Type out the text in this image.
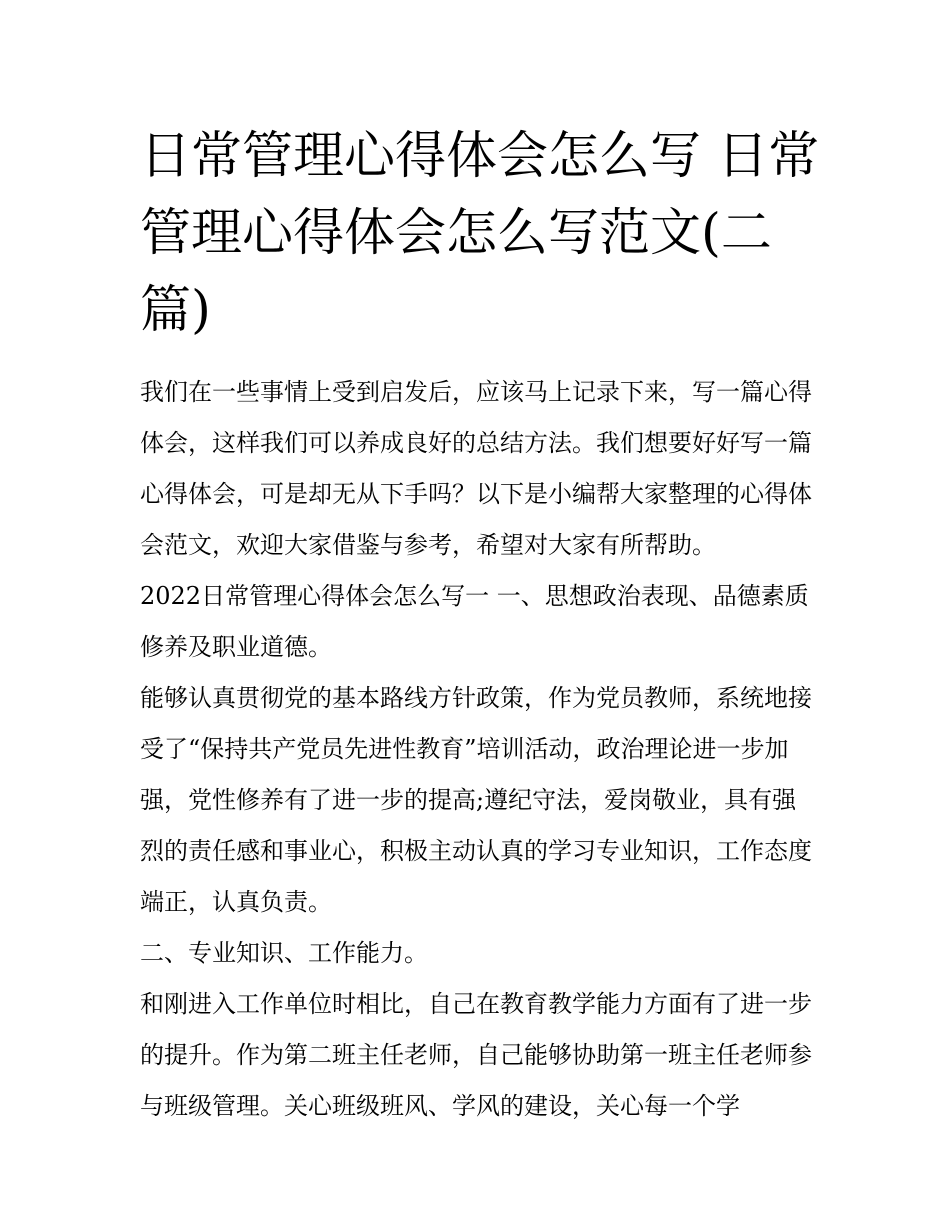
日常管理心得体会怎么写 日常管理心得体会怎么写范文(二篇)

我们在一些事情上受到启发后，应该马上记录下来，写一篇心得体会，这样我们可以养成良好的总结方法。我们想要好好写一篇心得体会，可是却无从下手吗？以下是小编帮大家整理的心得体会范文，欢迎大家借鉴与参考，希望对大家有所帮助。

2022日常管理心得体会怎么写一 一、思想政治表现、品德素质修养及职业道德。

能够认真贯彻党的基本路线方针政策，作为党员教师，系统地接受了“保持共产党员先进性教育”培训活动，政治理论进一步加强，党性修养有了进一步的提高;遵纪守法，爱岗敬业，具有强烈的责任感和事业心，积极主动认真的学习专业知识，工作态度端正，认真负责。

二、专业知识、工作能力。

和刚进入工作单位时相比，自己在教育教学能力方面有了进一步的提升。作为第二班主任老师，自己能够协助第一班主任老师参与班级管理。关心班级班风、学风的建设，关心每一个学
